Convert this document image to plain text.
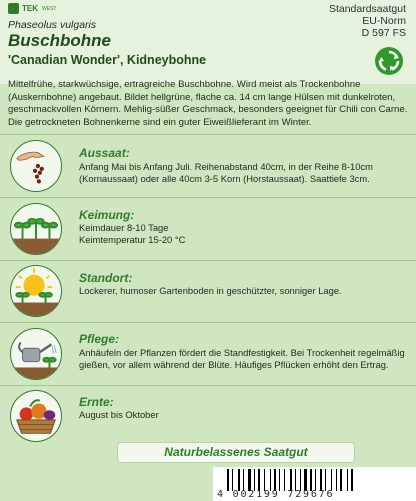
TEK WEST	Standardsaatgut
EU-Norm
D 597 FS
Phaseolus vulgaris
Buschbohne
'Canadian Wonder', Kidneybohne
Mittelfrühe, starkwüchsige, ertragreiche Buschbohne. Wird meist als Trockenbohne (Auskernbohne) angebaut. Bildet hellgrüne, flache ca. 14 cm lange Hülsen mit dunkelroten, geschmackvollen Körnern. Mehlig-süßer Geschmack, besonders geeignet für Chili con Carne. Die getrockneten Bohnenkerne sind ein guter Eiweißlieferant im Winter.
Aussaat:
Anfang Mai bis Anfang Juli. Reihenabstand 40cm, in der Reihe 8-10cm (Kornaussaat) oder alle 40cm 3-5 Korn (Horstaussaat). Saattiefe 3cm.
Keimung:
Keimdauer 8-10 Tage
Keimtemperatur 15-20 °C
Standort:
Lockerer, humoser Gartenboden in geschützter, sonniger Lage.
Pflege:
Anhäufeln der Pflanzen fördert die Standfestigkeit. Bei Trockenheit regelmäßig gießen, vor allem während der Blüte. Häufiges Pflücken erhöht den Ertrag.
Ernte:
August bis Oktober
Naturbelassenes Saatgut
4 002199 729676
